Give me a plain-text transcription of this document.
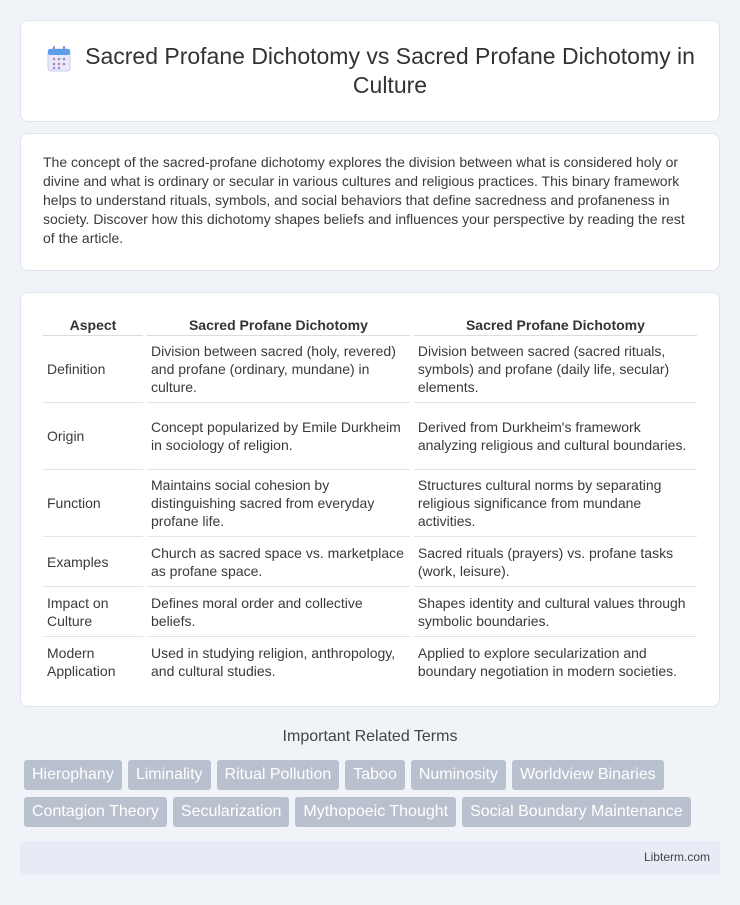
Sacred Profane Dichotomy vs Sacred Profane Dichotomy in Culture

The concept of the sacred-profane dichotomy explores the division between what is considered holy or divine and what is ordinary or secular in various cultures and religious practices. This binary framework helps to understand rituals, symbols, and social behaviors that define sacredness and profaneness in society. Discover how this dichotomy shapes beliefs and influences your perspective by reading the rest of the article.

Aspect	Sacred Profane Dichotomy	Sacred Profane Dichotomy
Definition	Division between sacred (holy, revered) and profane (ordinary, mundane) in culture.	Division between sacred (sacred rituals, symbols) and profane (daily life, secular) elements.
Origin	Concept popularized by Emile Durkheim in sociology of religion.	Derived from Durkheim's framework analyzing religious and cultural boundaries.
Function	Maintains social cohesion by distinguishing sacred from everyday profane life.	Structures cultural norms by separating religious significance from mundane activities.
Examples	Church as sacred space vs. marketplace as profane space.	Sacred rituals (prayers) vs. profane tasks (work, leisure).
Impact on Culture	Defines moral order and collective beliefs.	Shapes identity and cultural values through symbolic boundaries.
Modern Application	Used in studying religion, anthropology, and cultural studies.	Applied to explore secularization and boundary negotiation in modern societies.
Important Related Terms
Hierophany	Liminality	Ritual Pollution	Taboo	Numinosity	Worldview Binaries
Contagion Theory	Secularization	Mythopoeic Thought	Social Boundary Maintenance
Libterm.com
